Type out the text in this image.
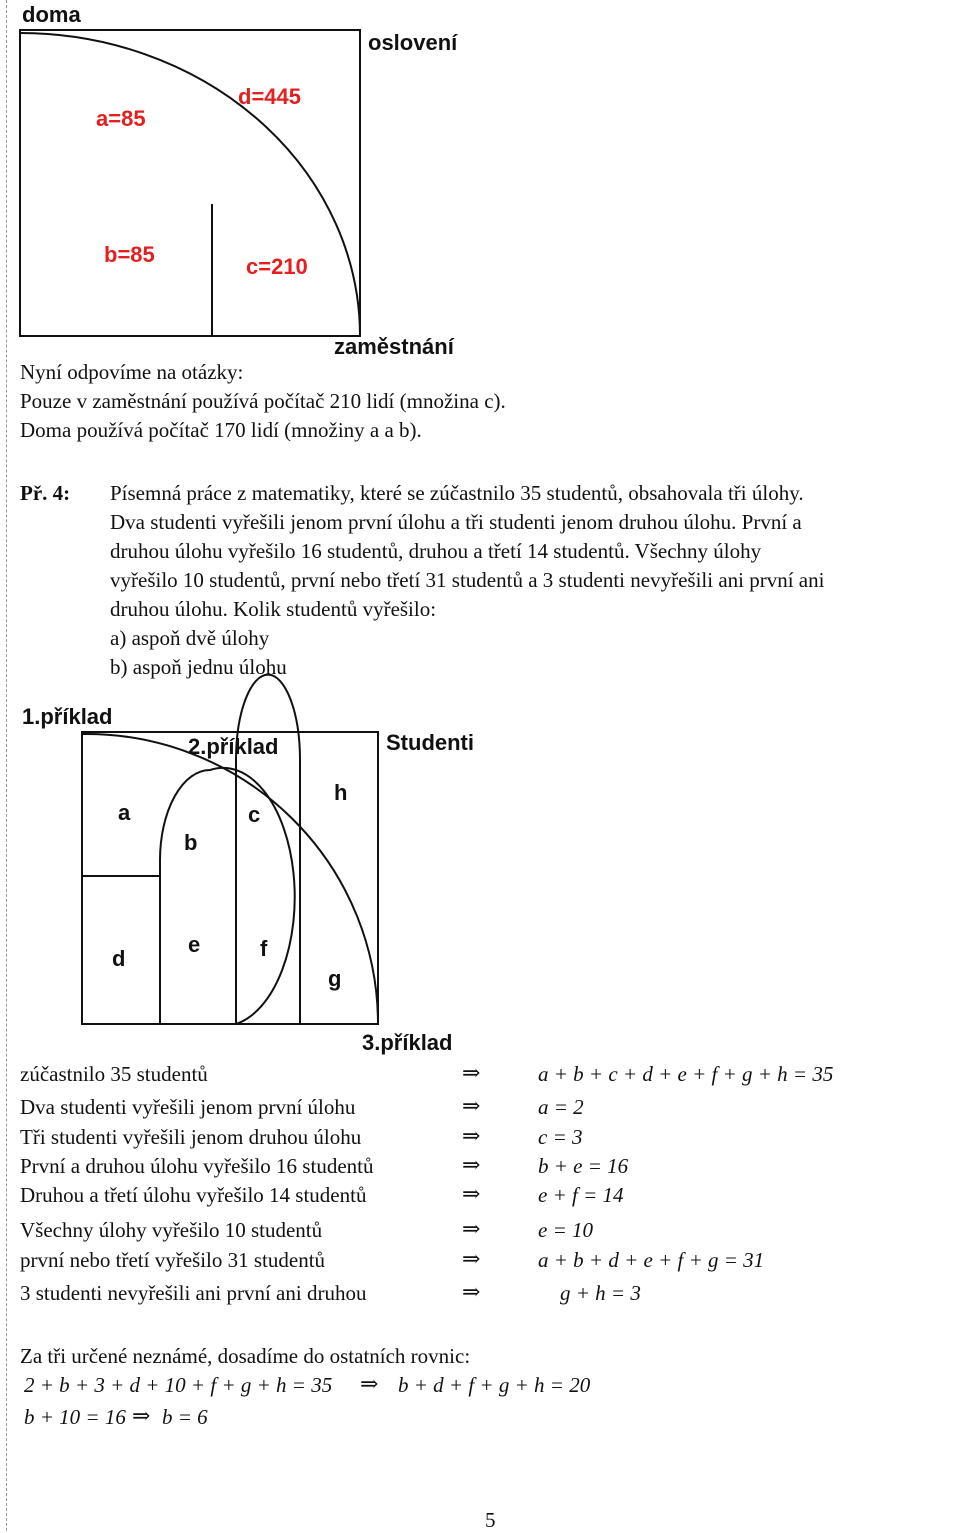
doma
oslovení
a=85
d=445
b=85	c=210
zaměstnání
Nyní odpovíme na otázky:
Pouze v zaměstnání používá počítač 210 lidí (množina c).
Doma používá počítač 170 lidí (množiny a a b).
Př. 4: Písemná práce z matematiky, které se zúčastnilo 35 studentů, obsahovala tři úlohy.
Dva studenti vyřešili jenom první úlohu a tři studenti jenom druhou úlohu. První a
druhou úlohu vyřešilo 16 studentů, druhou a třetí 14 studentů. Všechny úlohy
vyřešilo 10 studentů, první nebo třetí 31 studentů a 3 studenti nevyřešili ani první ani
druhou úlohu. Kolik studentů vyřešilo:
a) aspoň dvě úlohy
b) aspoň jednu úlohu
1.příklad
2.příklad	Studenti
a
b
c
h
d
e	f
g
3.příklad
zúčastnilo 35 studentů	⇒	a + b + c + d + e + f + g + h = 35
Dva studenti vyřešili jenom první úlohu	⇒	a = 2
Tři studenti vyřešili jenom druhou úlohu	⇒	c = 3
První a druhou úlohu vyřešilo 16 studentů	⇒	b + e = 16
Druhou a třetí úlohu vyřešilo 14 studentů	⇒	e + f = 14
Všechny úlohy vyřešilo 10 studentů	⇒	e = 10
první nebo třetí vyřešilo 31 studentů	⇒	a + b + d + e + f + g = 31
3 studenti nevyřešili ani první ani druhou	⇒	g + h = 3
Za tři určené neznámé, dosadíme do ostatních rovnic:
2 + b + 3 + d + 10 + f + g + h = 35 ⇒ b + d + f + g + h = 20
b + 10 = 16 ⇒ b = 6
5
